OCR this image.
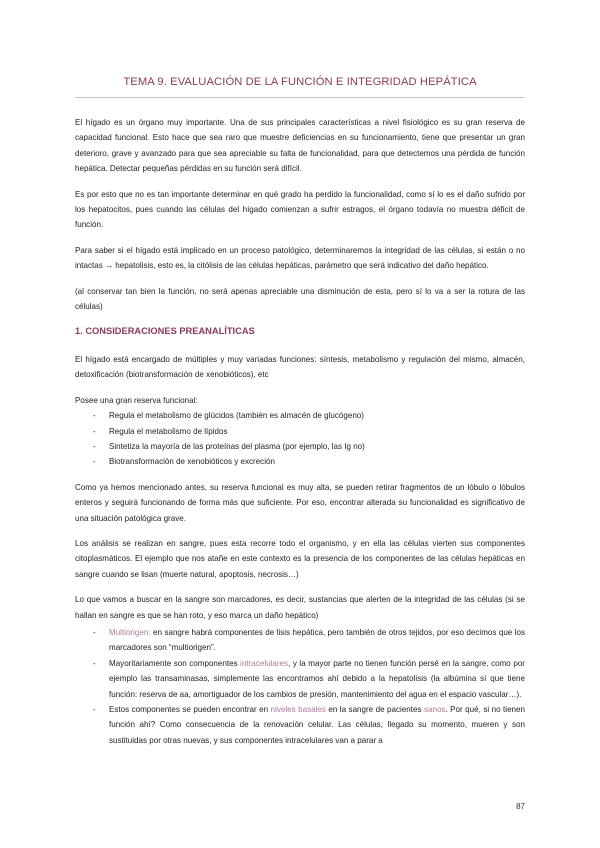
TEMA 9. EVALUACIÓN DE LA FUNCIÓN E INTEGRIDAD HEPÁTICA

El hígado es un órgano muy importante. Una de sus principales características a nivel fisiológico es su gran reserva de capacidad funcional. Esto hace que sea raro que muestre deficiencias en su funcionamiento, tiene que presentar un gran deterioro, grave y avanzado para que sea apreciable su falta de funcionalidad, para que detectemos una pérdida de función hepática. Detectar pequeñas pérdidas en su función será difícil.

Es por esto que no es tan importante determinar en qué grado ha perdido la funcionalidad, como sí lo es el daño sufrido por los hepatocitos, pues cuando las células del hígado comienzan a sufrir estragos, el órgano todavía no muestra déficit de función.

Para saber si el hígado está implicado en un proceso patológico, determinaremos la integridad de las células, si están o no intactas → hepatolisis, esto es, la citólisis de las células hepáticas, parámetro que será indicativo del daño hepático.

(al conservar tan bien la función, no será apenas apreciable una disminución de esta, pero sí lo va a ser la rotura de las células)

1. CONSIDERACIONES PREANALÍTICAS

El hígado está encargado de múltiples y muy variadas funciones: síntesis, metabolismo y regulación del mismo, almacén, detoxificación (biotransformación de xenobióticos), etc

Posee una gran reserva funcional:
- Regula el metabolismo de glúcidos (también es almacén de glucógeno)
- Regula el metabolismo de lípidos
- Sintetiza la mayoría de las proteínas del plasma (por ejemplo, las Ig no)
- Biotransformación de xenobióticos y excreción

Como ya hemos mencionado antes, su reserva funcional es muy alta, se pueden retirar fragmentos de un lóbulo o lóbulos enteros y seguirá funcionando de forma más que suficiente. Por eso, encontrar alterada su funcionalidad es significativo de una situación patológica grave.

Los análisis se realizan en sangre, pues esta recorre todo el organismo, y en ella las células vierten sus componentes citoplasmáticos. El ejemplo que nos atañe en este contexto es la presencia de los componentes de las células hepáticas en sangre cuando se lisan (muerte natural, apoptosis, necrosis…)

Lo que vamos a buscar en la sangre son marcadores, es decir, sustancias que alerten de la integridad de las células (si se hallan en sangre es que se han roto, y eso marca un daño hepático)

- Multiorigen: en sangre habrá componentes de lisis hepática, pero también de otros tejidos, por eso decimos que los marcadores son “multiorigen”.
- Mayoritariamente son componentes intracelulares, y la mayor parte no tienen función persé en la sangre, como por ejemplo las transaminasas, simplemente las encontramos ahí debido a la hepatolisis (la albúmina sí que tiene función: reserva de aa, amortiguador de los cambios de presión, mantenimiento del agua en el espacio vascular…).
- Estos componentes se pueden encontrar en niveles basales en la sangre de pacientes sanos. Por qué, si no tienen función ahí? Como consecuencia de la renovación celular. Las células, llegado su momento, mueren y son sustituidas por otras nuevas, y sus componentes intracelulares van a parar a
87
